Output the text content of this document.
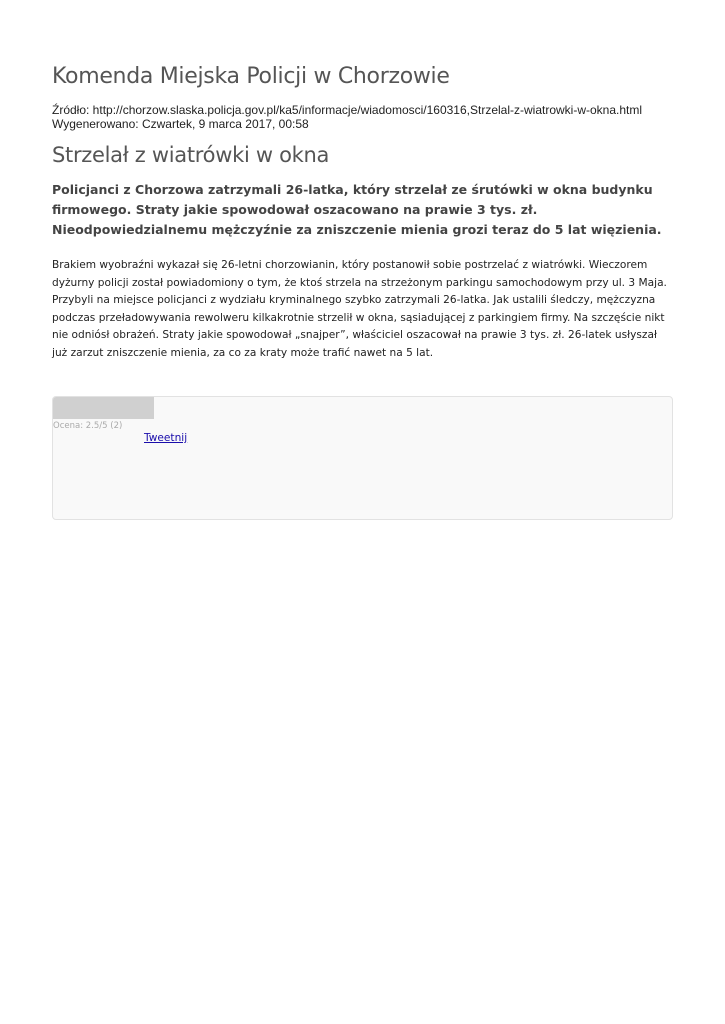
Komenda Miejska Policji w Chorzowie
Źródło: http://chorzow.slaska.policja.gov.pl/ka5/informacje/wiadomosci/160316,Strzelal-z-wiatrowki-w-okna.html
Wygenerowano: Czwartek, 9 marca 2017, 00:58
Strzelał z wiatrówki w okna

Policjanci z Chorzowa zatrzymali 26-latka, który strzelał ze śrutówki w okna budynku firmowego. Straty jakie spowodował oszacowano na prawie 3 tys. zł. Nieodpowiedzialnemu mężczyźnie za zniszczenie mienia grozi teraz do 5 lat więzienia.

Brakiem wyobraźni wykazał się 26-letni chorzowianin, który postanowił sobie postrzelać z wiatrówki. Wieczorem dyżurny policji został powiadomiony o tym, że ktoś strzela na strzeżonym parkingu samochodowym przy ul. 3 Maja. Przybyli na miejsce policjanci z wydziału kryminalnego szybko zatrzymali 26-latka. Jak ustalili śledczy, mężczyzna podczas przeładowywania rewolweru kilkakrotnie strzelił w okna, sąsiadującej z parkingiem firmy. Na szczęście nikt nie odniósł obrażeń. Straty jakie spowodował „snajper”, właściciel oszacował na prawie 3 tys. zł. 26-latek usłyszał już zarzut zniszczenie mienia, za co za kraty może trafić nawet na 5 lat.

Ocena: 2.5/5 (2)
Tweetnij
